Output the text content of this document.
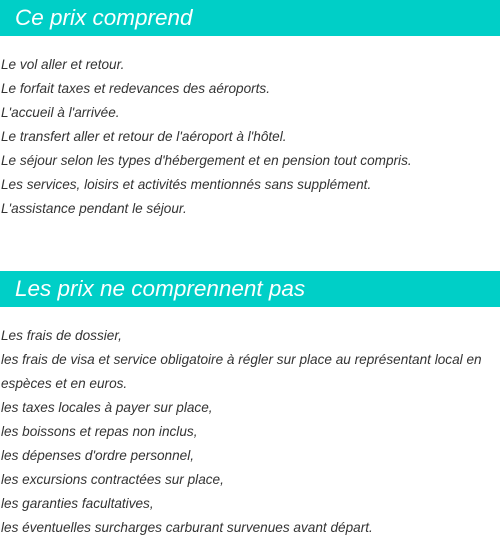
Ce prix comprend
Le vol aller et retour.
Le forfait taxes et redevances des aéroports.
L'accueil à l'arrivée.
Le transfert aller et retour de l'aéroport à l'hôtel.
Le séjour selon les types d'hébergement et en pension tout compris.
Les services, loisirs et activités mentionnés sans supplément.
L'assistance pendant le séjour.
Les prix ne comprennent pas
Les frais de dossier,
les frais de visa et service obligatoire à régler sur place au représentant local en espèces et en euros.
les taxes locales à payer sur place,
les boissons et repas non inclus,
les dépenses d'ordre personnel,
les excursions contractées sur place,
les garanties facultatives,
les éventuelles surcharges carburant survenues avant départ.
